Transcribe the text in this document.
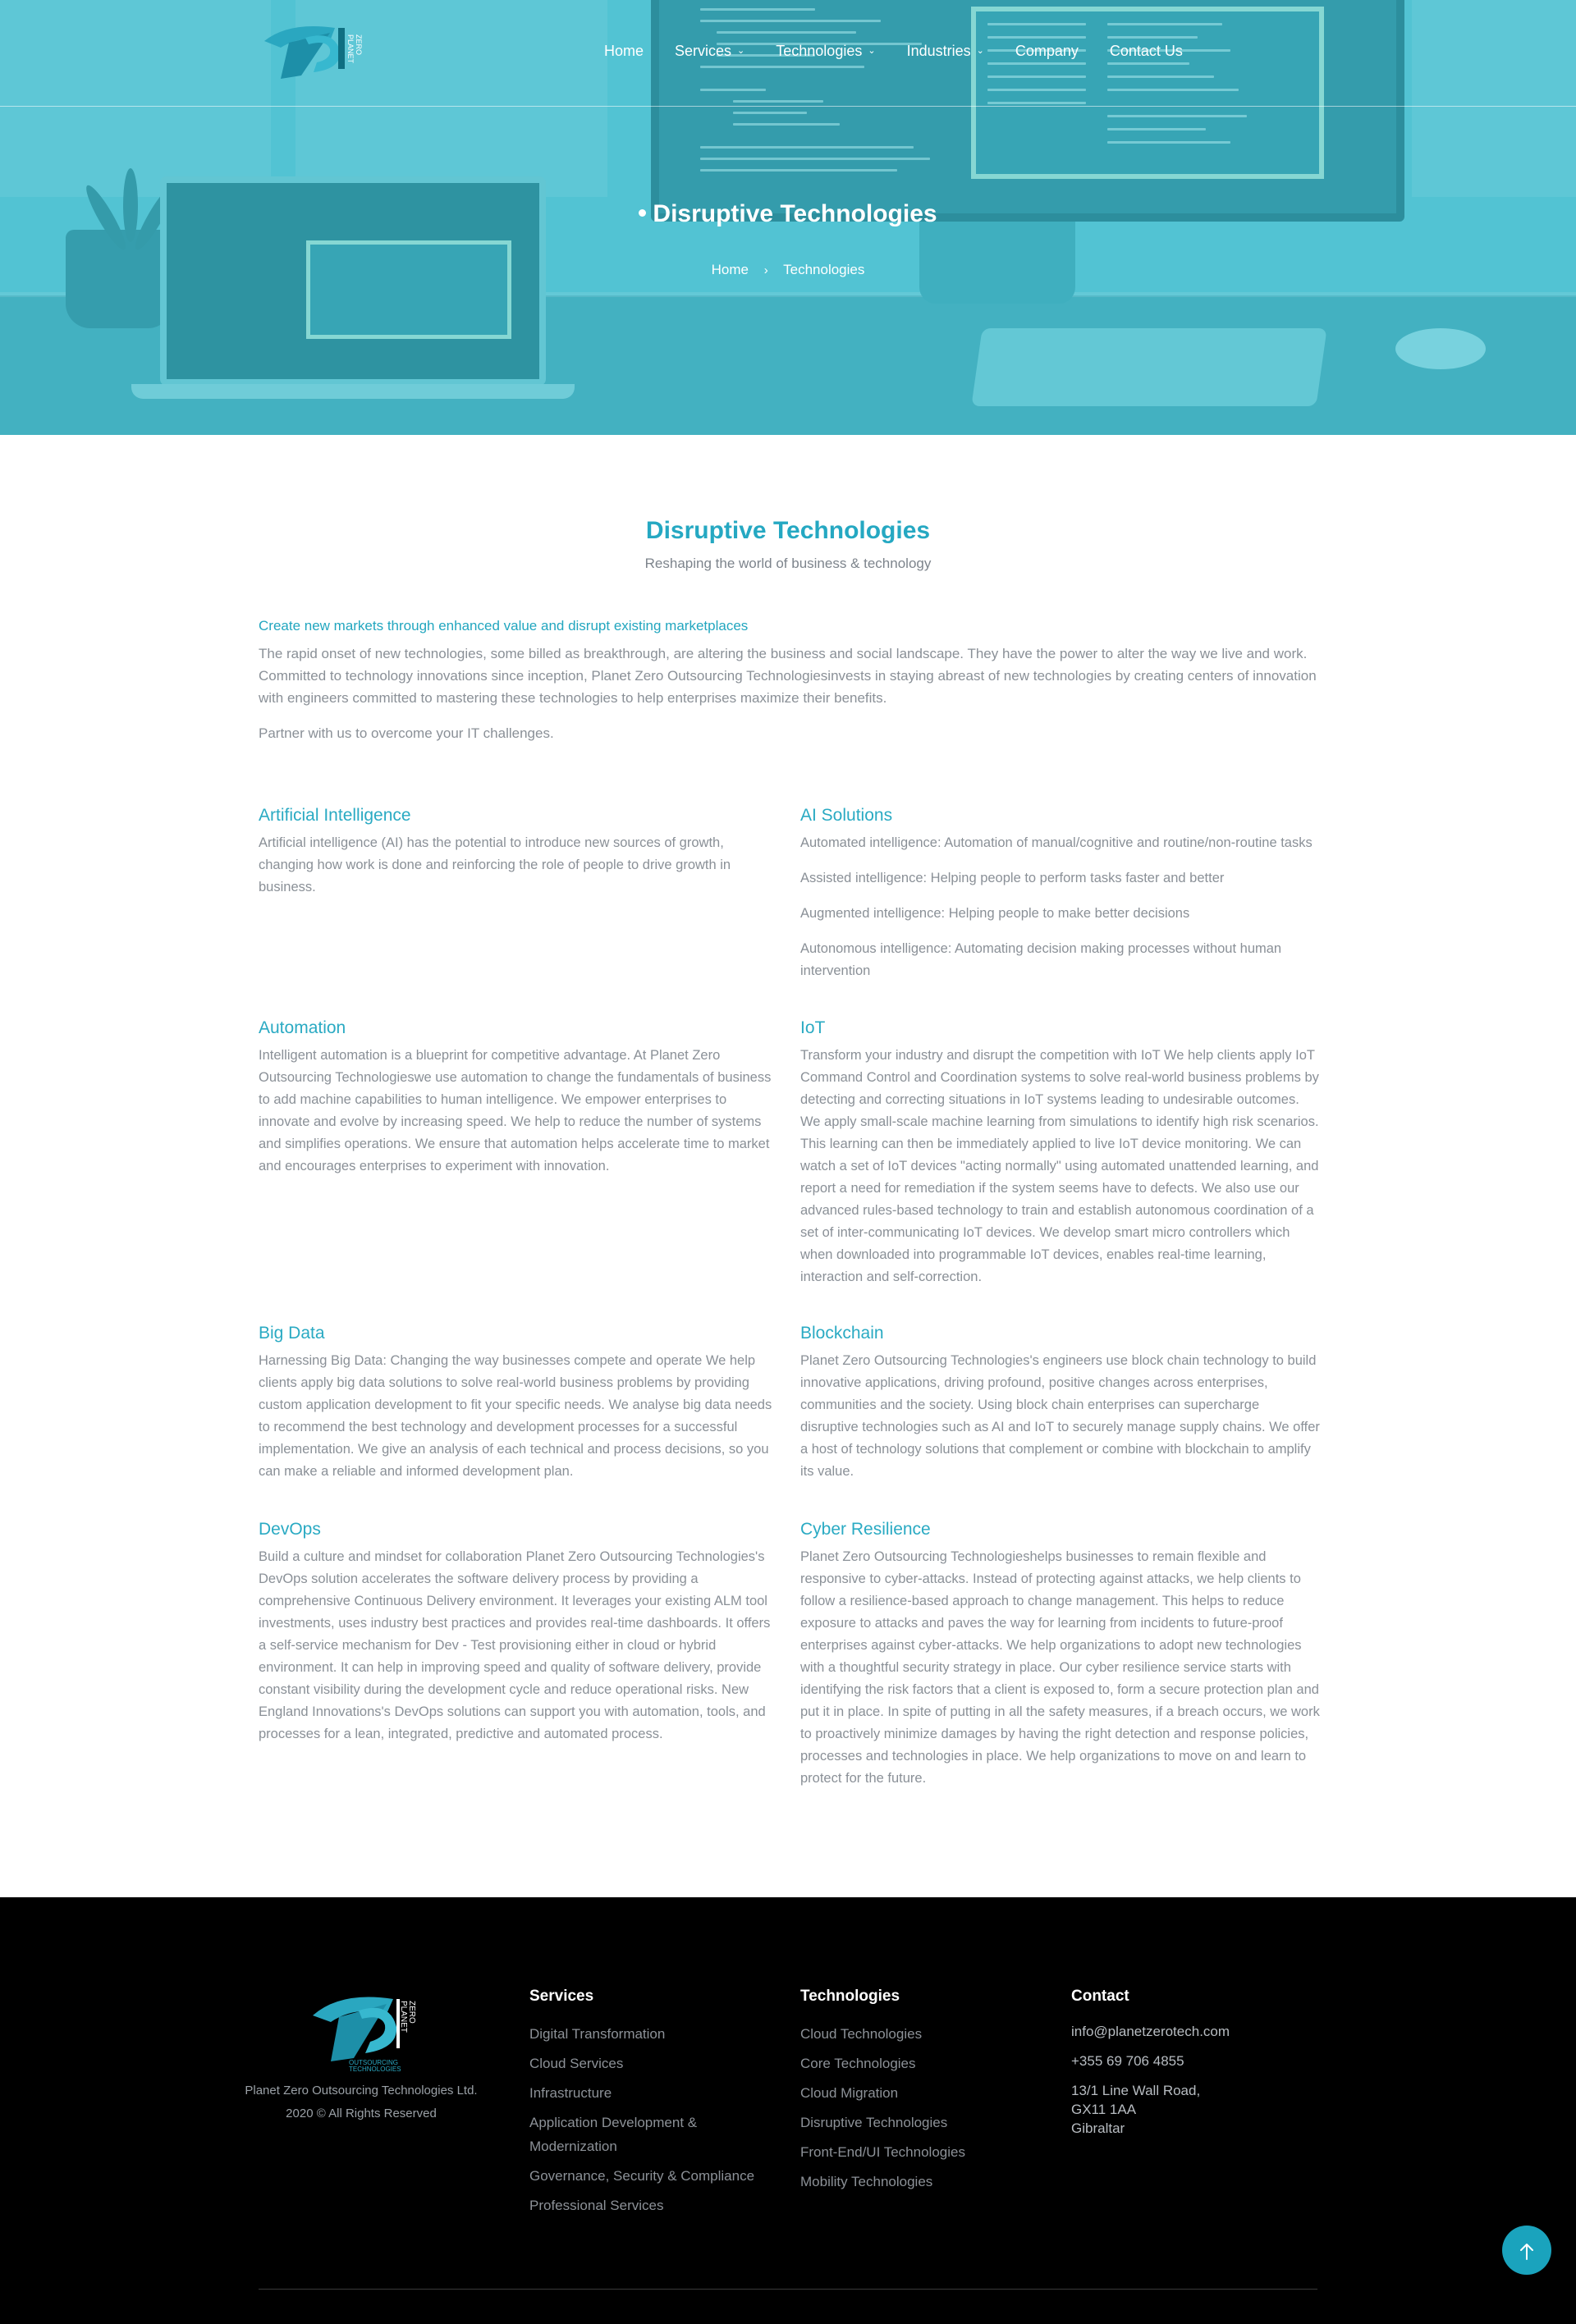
PLANET ZERO	Home Services ⌄ Technologies ⌄ Industries ⌄ Company Contact Us
Disruptive Technologies
Home › Technologies
Disruptive Technologies
Reshaping the world of business & technology
Create new markets through enhanced value and disrupt existing marketplaces

The rapid onset of new technologies, some billed as breakthrough, are altering the business and social landscape. They have the power to alter the way we live and work. Committed to technology innovations since inception, Planet Zero Outsourcing Technologiesinvests in staying abreast of new technologies by creating centers of innovation with engineers committed to mastering these technologies to help enterprises maximize their benefits.

Partner with us to overcome your IT challenges.

Artificial Intelligence

Artificial intelligence (AI) has the potential to introduce new sources of growth, changing how work is done and reinforcing the role of people to drive growth in business.

AI Solutions

Automated intelligence: Automation of manual/cognitive and routine/non-routine tasks

Assisted intelligence: Helping people to perform tasks faster and better

Augmented intelligence: Helping people to make better decisions

Autonomous intelligence: Automating decision making processes without human intervention

Automation

Intelligent automation is a blueprint for competitive advantage. At Planet Zero Outsourcing Technologieswe use automation to change the fundamentals of business to add machine capabilities to human intelligence. We empower enterprises to innovate and evolve by increasing speed. We help to reduce the number of systems and simplifies operations. We ensure that automation helps accelerate time to market and encourages enterprises to experiment with innovation.

IoT

Transform your industry and disrupt the competition with IoT We help clients apply IoT Command Control and Coordination systems to solve real-world business problems by detecting and correcting situations in IoT systems leading to undesirable outcomes. We apply small-scale machine learning from simulations to identify high risk scenarios. This learning can then be immediately applied to live IoT device monitoring. We can watch a set of IoT devices "acting normally" using automated unattended learning, and report a need for remediation if the system seems have to defects. We also use our advanced rules-based technology to train and establish autonomous coordination of a set of inter-communicating IoT devices. We develop smart micro controllers which when downloaded into programmable IoT devices, enables real-time learning, interaction and self-correction.

Big Data

Harnessing Big Data: Changing the way businesses compete and operate We help clients apply big data solutions to solve real-world business problems by providing custom application development to fit your specific needs. We analyse big data needs to recommend the best technology and development processes for a successful implementation. We give an analysis of each technical and process decisions, so you can make a reliable and informed development plan.

Blockchain

Planet Zero Outsourcing Technologies's engineers use block chain technology to build innovative applications, driving profound, positive changes across enterprises, communities and the society. Using block chain enterprises can supercharge disruptive technologies such as AI and IoT to securely manage supply chains. We offer a host of technology solutions that complement or combine with blockchain to amplify its value.

DevOps

Build a culture and mindset for collaboration Planet Zero Outsourcing Technologies's DevOps solution accelerates the software delivery process by providing a comprehensive Continuous Delivery environment. It leverages your existing ALM tool investments, uses industry best practices and provides real-time dashboards. It offers a self-service mechanism for Dev - Test provisioning either in cloud or hybrid environment. It can help in improving speed and quality of software delivery, provide constant visibility during the development cycle and reduce operational risks. New England Innovations's DevOps solutions can support you with automation, tools, and processes for a lean, integrated, predictive and automated process.

Cyber Resilience

Planet Zero Outsourcing Technologieshelps businesses to remain flexible and responsive to cyber-attacks. Instead of protecting against attacks, we help clients to follow a resilience-based approach to change management. This helps to reduce exposure to attacks and paves the way for learning from incidents to future-proof enterprises against cyber-attacks. We help organizations to adopt new technologies with a thoughtful security strategy in place. Our cyber resilience service starts with identifying the risk factors that a client is exposed to, form a secure protection plan and put it in place. In spite of putting in all the safety measures, if a breach occurs, we work to proactively minimize damages by having the right detection and response policies, processes and technologies in place. We help organizations to move on and learn to protect for the future.

PLANET ZERO
OUTSOURCING
TECHNOLOGIES
Planet Zero Outsourcing Technologies Ltd.
2020 © All Rights Reserved
Services
Digital Transformation
Cloud Services
Infrastructure
Application Development & Modernization
Governance, Security & Compliance
Professional Services
Technologies
Cloud Technologies
Core Technologies
Cloud Migration
Disruptive Technologies
Front-End/UI Technologies
Mobility Technologies
Contact
info@planetzerotech.com
+355 69 706 4855
13/1 Line Wall Road,
GX11 1AA
Gibraltar
